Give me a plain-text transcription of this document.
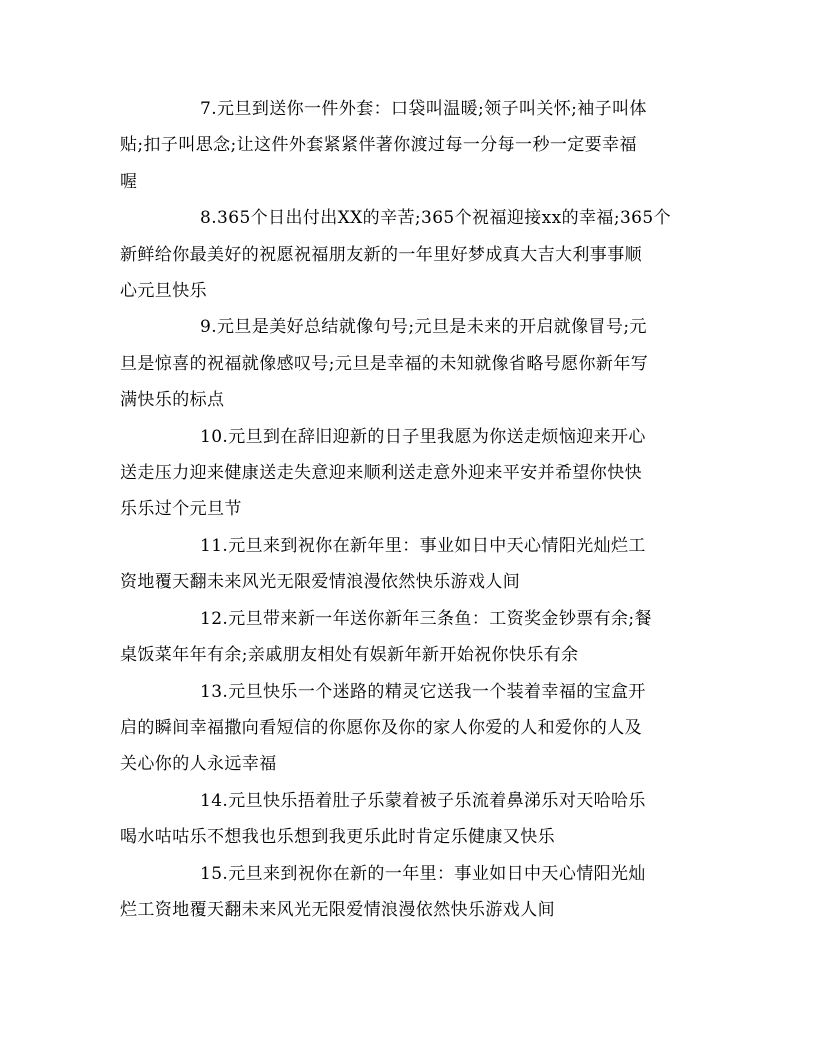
7.元旦到送你一件外套：口袋叫温暖;领子叫关怀;袖子叫体
贴;扣子叫思念;让这件外套紧紧伴著你渡过每一分每一秒一定要幸福
喔

8.365个日出付出XX的辛苦;365个祝福迎接xx的幸福;365个
新鲜给你最美好的祝愿祝福朋友新的一年里好梦成真大吉大利事事顺
心元旦快乐

9.元旦是美好总结就像句号;元旦是未来的开启就像冒号;元
旦是惊喜的祝福就像感叹号;元旦是幸福的未知就像省略号愿你新年写
满快乐的标点

10.元旦到在辞旧迎新的日子里我愿为你送走烦恼迎来开心
送走压力迎来健康送走失意迎来顺利送走意外迎来平安并希望你快快
乐乐过个元旦节

11.元旦来到祝你在新年里：事业如日中天心情阳光灿烂工
资地覆天翻未来风光无限爱情浪漫依然快乐游戏人间

12.元旦带来新一年送你新年三条鱼：工资奖金钞票有余;餐
桌饭菜年年有余;亲戚朋友相处有娱新年新开始祝你快乐有余

13.元旦快乐一个迷路的精灵它送我一个装着幸福的宝盒开
启的瞬间幸福撒向看短信的你愿你及你的家人你爱的人和爱你的人及
关心你的人永远幸福

14.元旦快乐捂着肚子乐蒙着被子乐流着鼻涕乐对天哈哈乐
喝水咕咕乐不想我也乐想到我更乐此时肯定乐健康又快乐

15.元旦来到祝你在新的一年里：事业如日中天心情阳光灿
烂工资地覆天翻未来风光无限爱情浪漫依然快乐游戏人间
